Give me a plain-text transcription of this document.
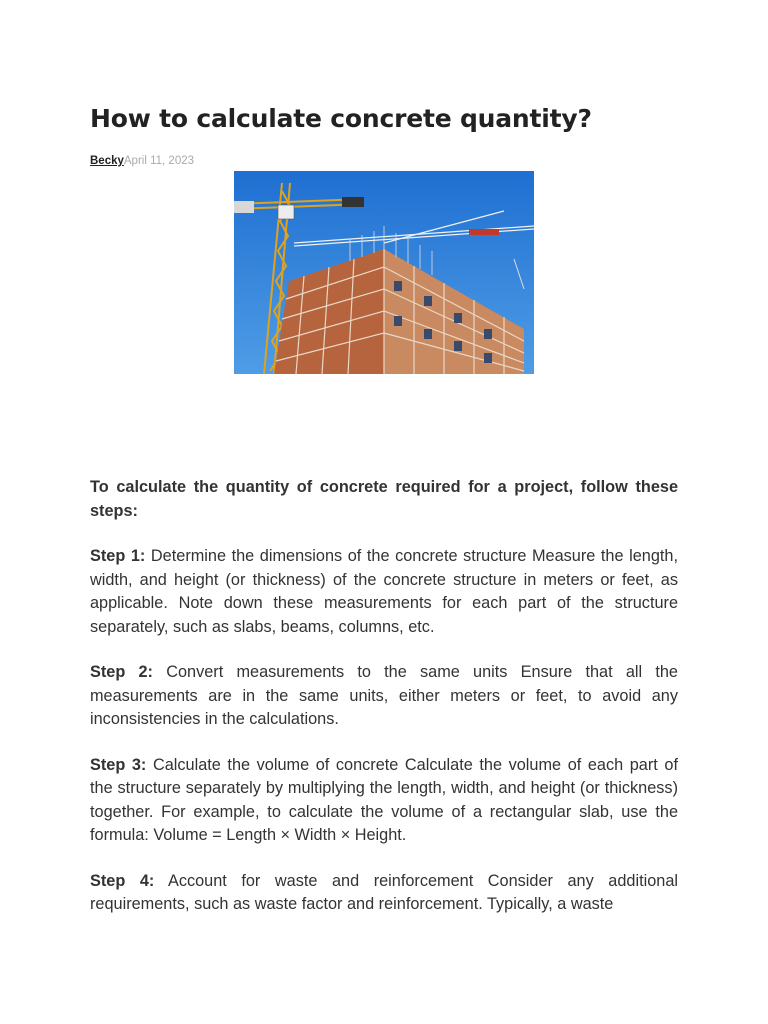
How to calculate concrete quantity?
BeckyApril 11, 2023

To calculate the quantity of concrete required for a project, follow these steps:

Step 1: Determine the dimensions of the concrete structure Measure the length, width, and height (or thickness) of the concrete structure in meters or feet, as applicable. Note down these measurements for each part of the structure separately, such as slabs, beams, columns, etc.

Step 2: Convert measurements to the same units Ensure that all the measurements are in the same units, either meters or feet, to avoid any inconsistencies in the calculations.

Step 3: Calculate the volume of concrete Calculate the volume of each part of the structure separately by multiplying the length, width, and height (or thickness) together. For example, to calculate the volume of a rectangular slab, use the formula: Volume = Length × Width × Height.

Step 4: Account for waste and reinforcement Consider any additional requirements, such as waste factor and reinforcement. Typically, a waste
